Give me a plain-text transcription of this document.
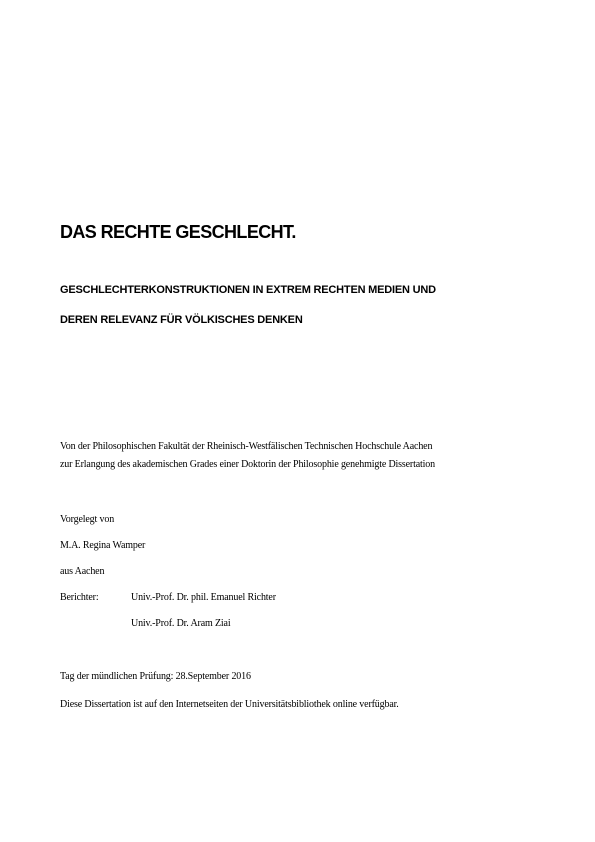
DAS RECHTE GESCHLECHT.
GESCHLECHTERKONSTRUKTIONEN IN EXTREM RECHTEN MEDIEN UND
DEREN RELEVANZ FÜR VÖLKISCHES DENKEN
Von der Philosophischen Fakultät der Rheinisch-Westfälischen Technischen Hochschule Aachen
zur Erlangung des akademischen Grades einer Doktorin der Philosophie genehmigte Dissertation
Vorgelegt von
M.A. Regina Wamper
aus Aachen
Berichter:	Univ.-Prof. Dr. phil. Emanuel Richter
Univ.-Prof. Dr. Aram Ziai
Tag der mündlichen Prüfung: 28.September 2016
Diese Dissertation ist auf den Internetseiten der Universitätsbibliothek online verfügbar.
